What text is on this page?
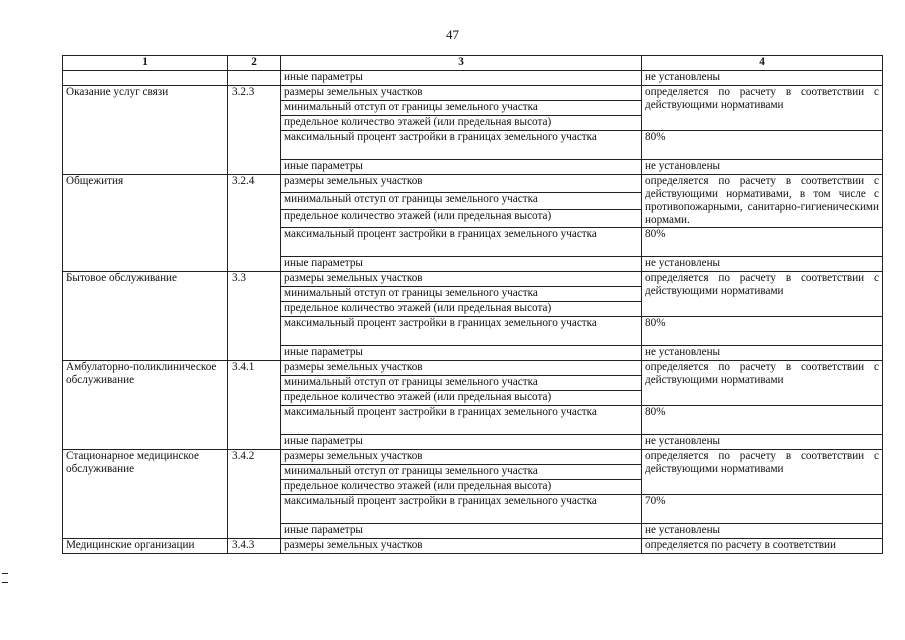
47
1	2	3	4
		иные параметры	не установлены
Оказание услуг связи	3.2.3	размеры земельных участков	определяется по расчету в соответствии с действующими нормативами
		минимальный отступ от границы земельного участка	
		предельное количество этажей (или предельная высота)	
		максимальный процент застройки в границах земельного участка	80%
		иные параметры	не установлены
Общежития	3.2.4	размеры земельных участков	определяется по расчету в соответствии с действующими нормативами, в том числе с противопожарными, санитарно-гигиеническими нормами.
		минимальный отступ от границы земельного участка	
		предельное количество этажей (или предельная высота)	
		максимальный процент застройки в границах земельного участка	80%
		иные параметры	не установлены
Бытовое обслуживание	3.3	размеры земельных участков	определяется по расчету в соответствии с действующими нормативами
		минимальный отступ от границы земельного участка	
		предельное количество этажей (или предельная высота)	
		максимальный процент застройки в границах земельного участка	80%
		иные параметры	не установлены
Амбулаторно-поликлиническое обслуживание	3.4.1	размеры земельных участков	определяется по расчету в соответствии с действующими нормативами
		минимальный отступ от границы земельного участка	
		предельное количество этажей (или предельная высота)	
		максимальный процент застройки в границах земельного участка	80%
		иные параметры	не установлены
Стационарное медицинское обслуживание	3.4.2	размеры земельных участков	определяется по расчету в соответствии с действующими нормативами
		минимальный отступ от границы земельного участка	
		предельное количество этажей (или предельная высота)	
		максимальный процент застройки в границах земельного участка	70%
		иные параметры	не установлены
Медицинские организации	3.4.3	размеры земельных участков	определяется по расчету в соответствии
